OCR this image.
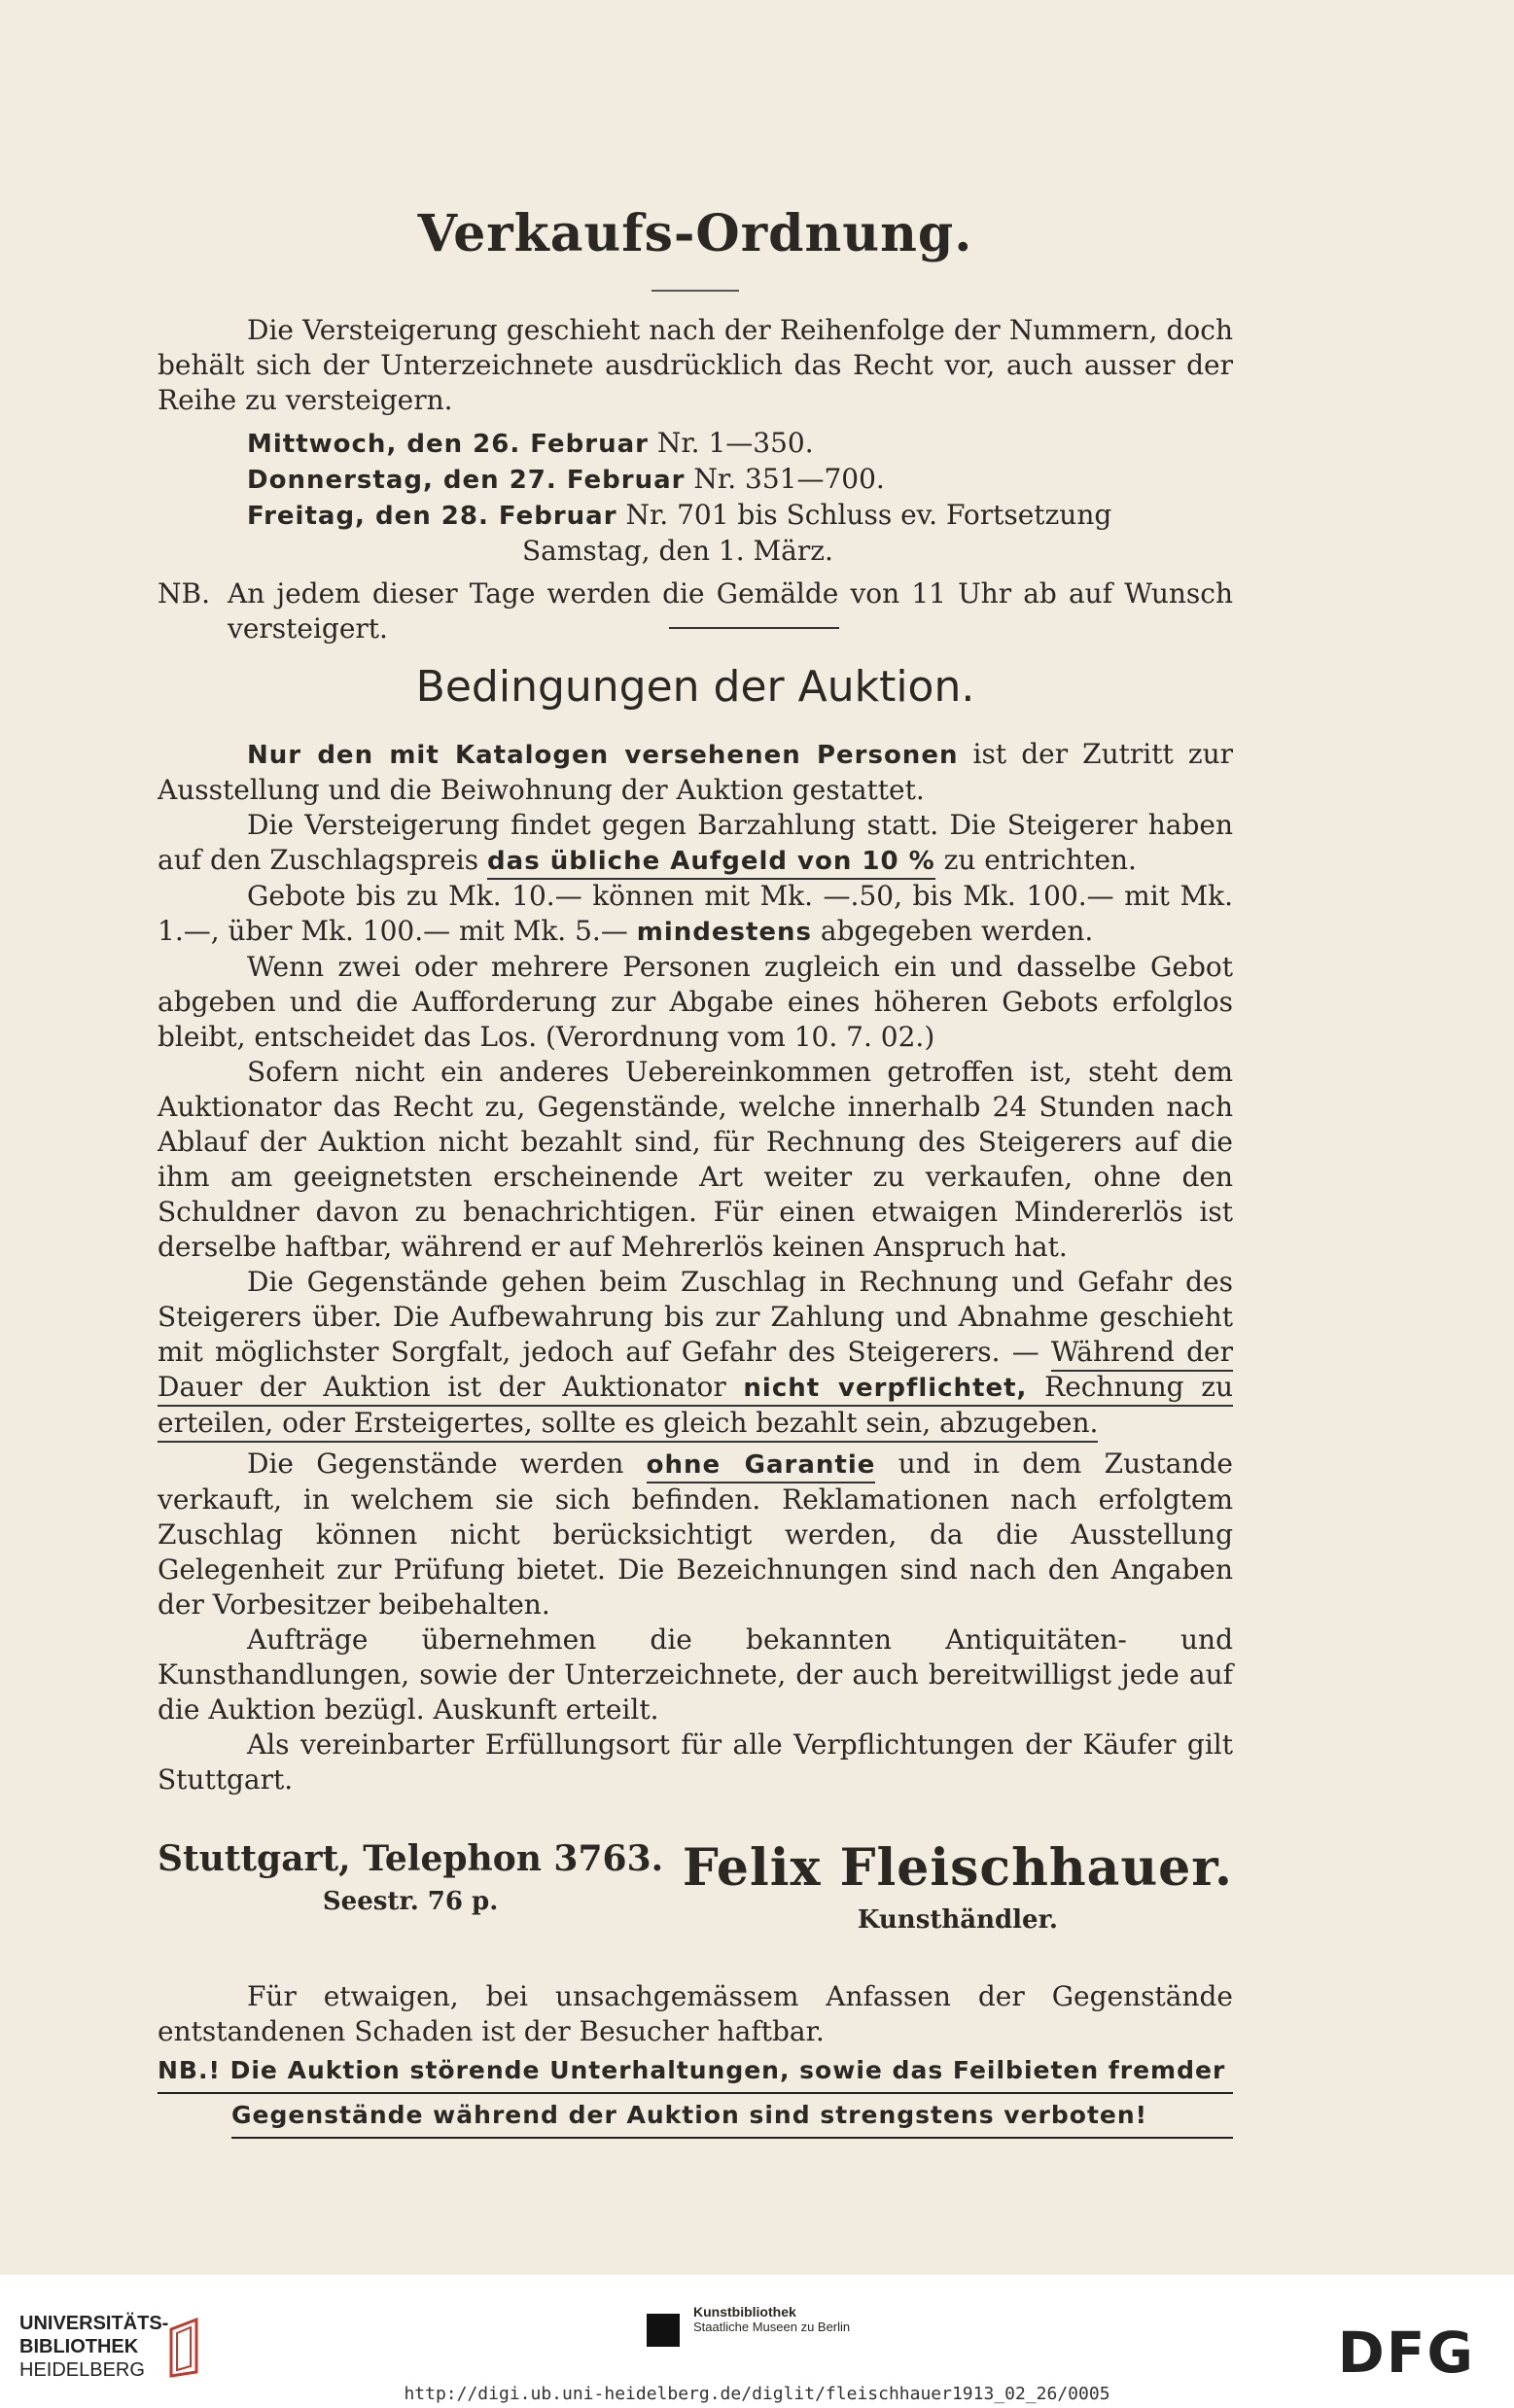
Verkaufs-Ordnung.

Die Versteigerung geschieht nach der Reihenfolge der Nummern, doch behält sich der Unterzeichnete ausdrücklich das Recht vor, auch ausser der Reihe zu versteigern.

Mittwoch, den 26. Februar Nr. 1—350.
Donnerstag, den 27. Februar Nr. 351—700.
Freitag, den 28. Februar Nr. 701 bis Schluss ev. Fortsetzung
Samstag, den 1. März.
NB. An jedem dieser Tage werden die Gemälde von 11 Uhr ab auf Wunsch versteigert.
Bedingungen der Auktion.

Nur den mit Katalogen versehenen Personen ist der Zutritt zur Ausstellung und die Beiwohnung der Auktion gestattet.

Die Versteigerung findet gegen Barzahlung statt. Die Steigerer haben auf den Zuschlagspreis das übliche Aufgeld von 10 % zu entrichten.

Gebote bis zu Mk. 10.— können mit Mk. —.50, bis Mk. 100.— mit Mk. 1.—, über Mk. 100.— mit Mk. 5.— mindestens abgegeben werden.

Wenn zwei oder mehrere Personen zugleich ein und dasselbe Gebot abgeben und die Aufforderung zur Abgabe eines höheren Gebots erfolglos bleibt, entscheidet das Los. (Verordnung vom 10. 7. 02.)

Sofern nicht ein anderes Uebereinkommen getroffen ist, steht dem Auktionator das Recht zu, Gegenstände, welche innerhalb 24 Stunden nach Ablauf der Auktion nicht bezahlt sind, für Rechnung des Steigerers auf die ihm am geeignetsten erscheinende Art weiter zu verkaufen, ohne den Schuldner davon zu benachrichtigen. Für einen etwaigen Mindererlös ist derselbe haftbar, während er auf Mehrerlös keinen Anspruch hat.

Die Gegenstände gehen beim Zuschlag in Rechnung und Gefahr des Steigerers über. Die Aufbewahrung bis zur Zahlung und Abnahme geschieht mit möglichster Sorgfalt, jedoch auf Gefahr des Steigerers. — Während der Dauer der Auktion ist der Auktionator nicht verpflichtet, Rechnung zu erteilen, oder Ersteigertes, sollte es gleich bezahlt sein, abzugeben.

Die Gegenstände werden ohne Garantie und in dem Zustande verkauft, in welchem sie sich befinden. Reklamationen nach erfolgtem Zuschlag können nicht berücksichtigt werden, da die Ausstellung Gelegenheit zur Prüfung bietet. Die Bezeichnungen sind nach den Angaben der Vorbesitzer beibehalten.

Aufträge übernehmen die bekannten Antiquitäten- und Kunsthandlungen, sowie der Unterzeichnete, der auch bereitwilligst jede auf die Auktion bezügl. Auskunft erteilt.

Als vereinbarter Erfüllungsort für alle Verpflichtungen der Käufer gilt Stuttgart.

Stuttgart, Telephon 3763.
Seestr. 76 p.
Felix Fleischhauer.
Kunsthändler.

Für etwaigen, bei unsachgemässem Anfassen der Gegenstände entstandenen Schaden ist der Besucher haftbar.

NB.! Die Auktion störende Unterhaltungen, sowie das Feilbieten fremder
Gegenstände während der Auktion sind strengstens verboten!
UNIVERSITÄTS-
BIBLIOTHEK
HEIDELBERG
Kunstbibliothek
Staatliche Museen zu Berlin	DFG
http://digi.ub.uni-heidelberg.de/diglit/fleischhauer1913_02_26/0005
